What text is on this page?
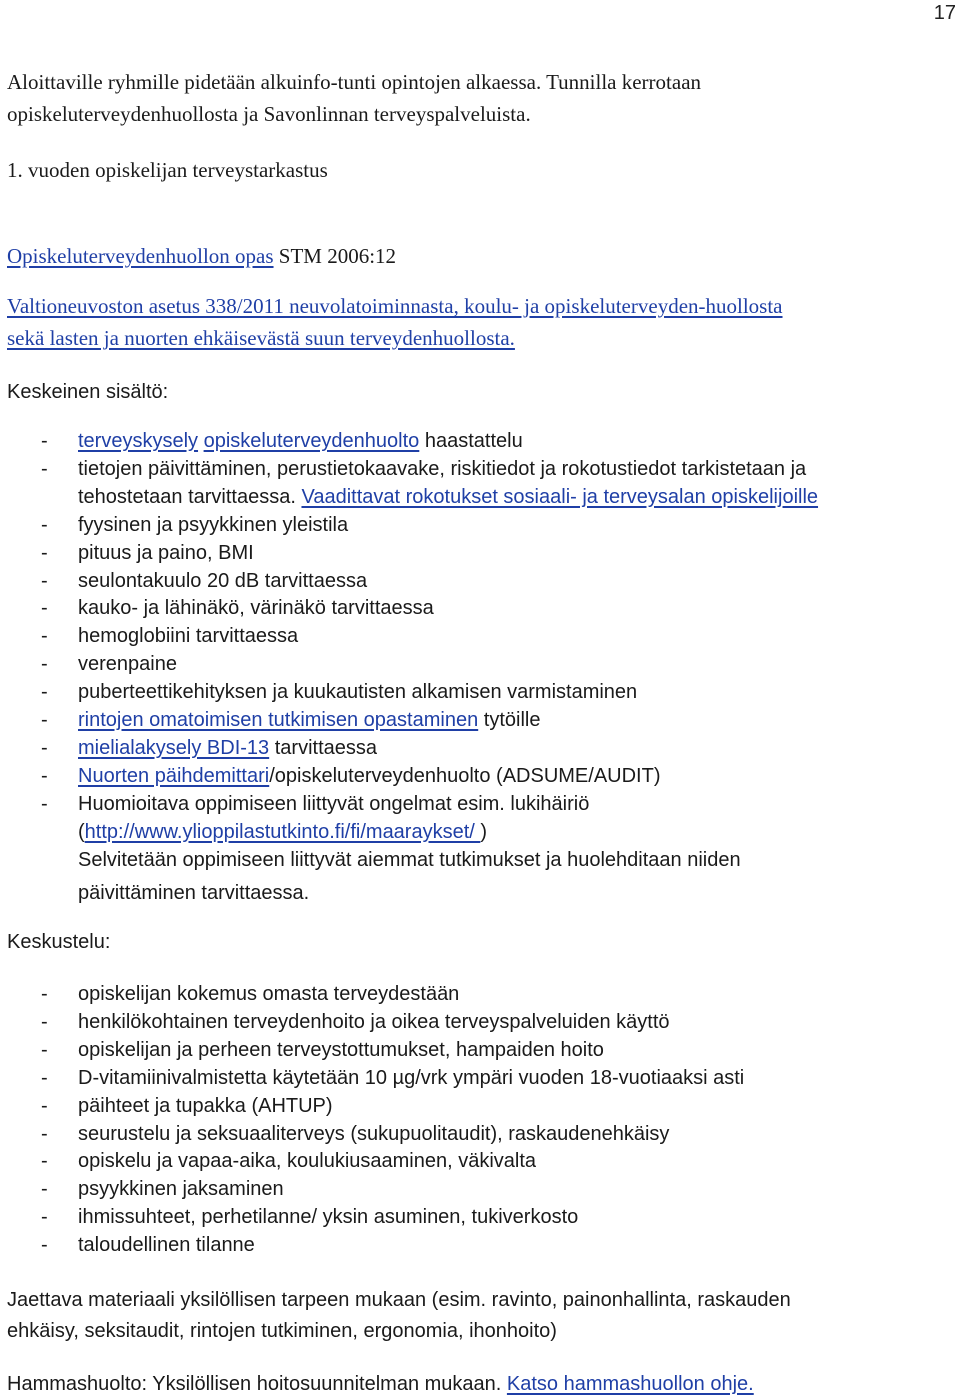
17

Aloittaville ryhmille pidetään alkuinfo-tunti opintojen alkaessa. Tunnilla kerrotaan

opiskeluterveydenhuollosta ja Savonlinnan terveyspalveluista.

1. vuoden opiskelijan terveystarkastus

Opiskeluterveydenhuollon opas STM 2006:12

Valtioneuvoston asetus 338/2011 neuvolatoiminnasta, koulu- ja opiskeluterveyden-huollosta
sekä lasten ja nuorten ehkäisevästä suun terveydenhuollosta.

Keskeinen sisältö:
- terveyskysely opiskeluterveydenhuolto haastattelu
- tietojen päivittäminen, perustietokaavake, riskitiedot ja rokotustiedot tarkistetaan ja
tehostetaan tarvittaessa. Vaadittavat rokotukset sosiaali- ja terveysalan opiskelijoille
- fyysinen ja psyykkinen yleistila
- pituus ja paino, BMI
- seulontakuulo 20 dB tarvittaessa
- kauko- ja lähinäkö, värinäkö tarvittaessa
- hemoglobiini tarvittaessa
- verenpaine
- puberteettikehityksen ja kuukautisten alkamisen varmistaminen
- rintojen omatoimisen tutkimisen opastaminen tytöille
- mielialakysely BDI-13 tarvittaessa
- Nuorten päihdemittari/opiskeluterveydenhuolto (ADSUME/AUDIT)
- Huomioitava oppimiseen liittyvät ongelmat esim. lukihäiriö
(http://www.ylioppilastutkinto.fi/fi/maaraykset/ )
Selvitetään oppimiseen liittyvät aiemmat tutkimukset ja huolehditaan niiden
päivittäminen tarvittaessa.
Keskustelu:
- opiskelijan kokemus omasta terveydestään
- henkilökohtainen terveydenhoito ja oikea terveyspalveluiden käyttö
- opiskelijan ja perheen terveystottumukset, hampaiden hoito
- D-vitamiinivalmistetta käytetään 10 µg/vrk ympäri vuoden 18-vuotiaaksi asti
- päihteet ja tupakka (AHTUP)
- seurustelu ja seksuaaliterveys (sukupuolitaudit), raskaudenehkäisy
- opiskelu ja vapaa-aika, koulukiusaaminen, väkivalta
- psyykkinen jaksaminen
- ihmissuhteet, perhetilanne/ yksin asuminen, tukiverkosto
- taloudellinen tilanne
Jaettava materiaali yksilöllisen tarpeen mukaan (esim. ravinto, painonhallinta, raskauden
ehkäisy, seksitaudit, rintojen tutkiminen, ergonomia, ihonhoito)
Hammashuolto: Yksilöllisen hoitosuunnitelman mukaan. Katso hammashuollon ohje.
